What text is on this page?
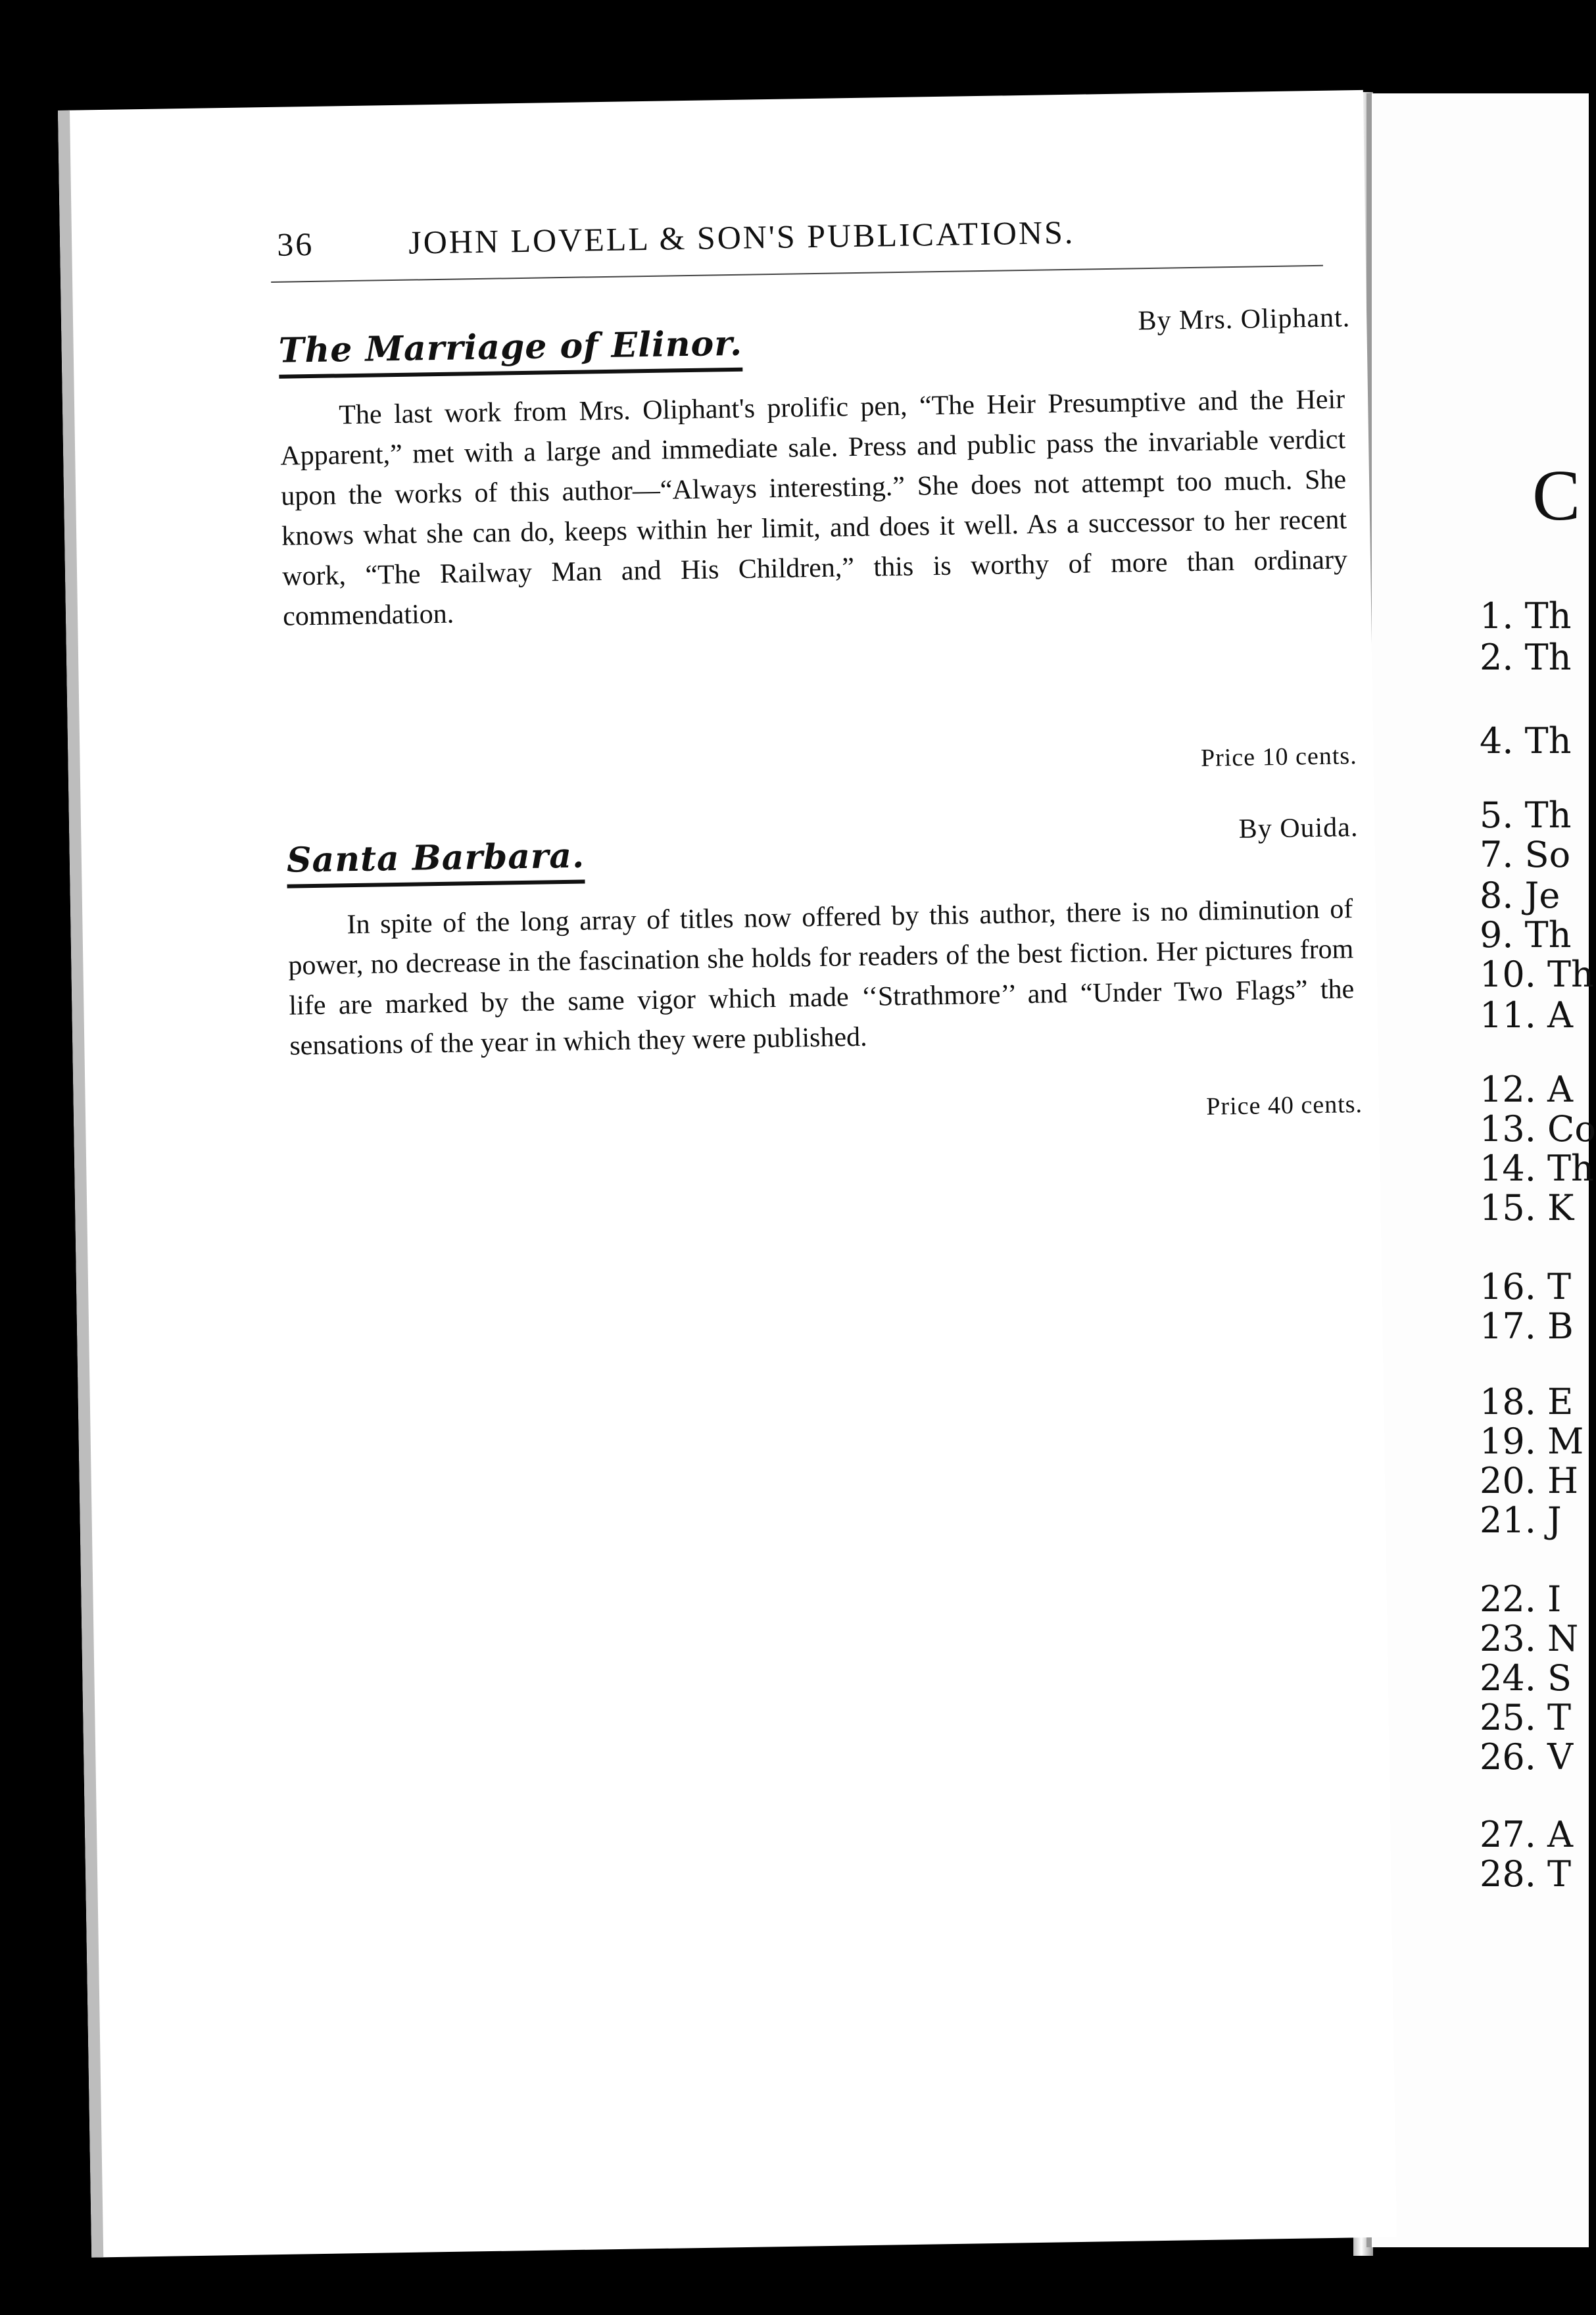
C
36	JOHN LOVELL & SON'S PUBLICATIONS.
The Marriage of Elinor.
By Mrs. Oliphant.
The last work from Mrs. Oliphant's prolific pen, “The Heir Presumptive and the Heir Apparent,” met with a large and immediate sale. Press and public pass the invariable verdict upon the works of this author—“Always interesting.” She does not attempt too much. She knows what she can do, keeps within her limit, and does it well. As a successor to her recent work, “The Railway Man and His Children,” this is worthy of more than ordinary commendation.
Price 10 cents.
Santa Barbara.
By Ouida.
In spite of the long array of titles now offered by this author, there is no diminution of power, no decrease in the fascination she holds for readers of the best fiction. Her pictures from life are marked by the same vigor which made ‘‘Strathmore’’ and “Under Two Flags” the sensations of the year in which they were published.
Price 40 cents.
1. Th
2. Th
4. Th
5. Th
7. So
8. Je
9. Th
10. Th
11. A
12. A
13. Co
14. Th
15. K
16. T
17. B
18. E
19. M
20. H
21. J
22. I
23. N
24. S
25. T
26. V
27. A
28. T
